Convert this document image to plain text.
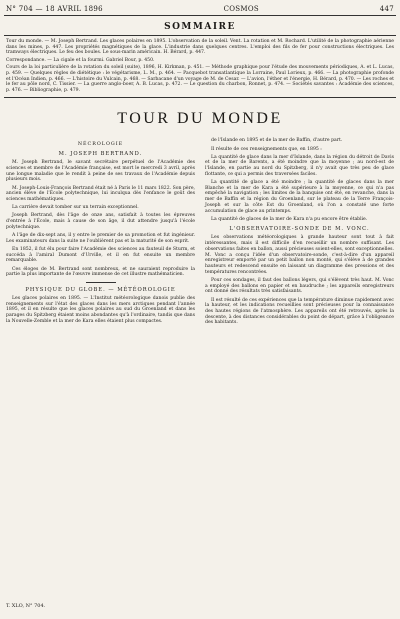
N° 704 — 18 AVRIL 1896	COSMOS	447
SOMMAIRE

Tour du monde. — M. Joseph Bertrand. Les glaces polaires en 1895. L'observation de la soleil. Vent. La rotation et M. Rochard. L'utilité de la photographie aérienne dans les mines, p. 447. Les propriétés magnétiques de la glace. L'industrie dans quelques centres. L'emploi des fils de fer pour constructions électriques. Les tramways électriques. Le feu des boules. Le sous-marin américain. H. Bérard, p. 447.

Correspondance. — La cigale et la fourmi. Gabriel Bour, p. 450.

Cours de la loi particulière de la rotation du soleil (suite), 1896, H. Kirkman, p. 451. — Méthode graphique pour l'étude des mouvements périodiques, A. et L. Lucas, p. 459. — Quelques règles de diététique : le végétarisme, L. M., p. 464. — Pacquebot transatlantique la Lorraine, Paul Lorieux, p. 466. — La photographie profonde et l'Océan Indien, p. 466. — L'histoire du Vulcain, p. 468. — Sarbacane d'un voyage de M. de Cesar. — L'avion, l'éther et l'énergie, H. Bérard, p. 470. — Les roches et le fer au pôle nord, C. Tissier. — La guerre anglo-boer, A. B. Lucas, p. 472. — Le question du charbon, Ronnet, p. 474. — Sociétés savantes : Académie des sciences, p. 476. — Bibliographie, p. 479.

TOUR DU MONDE
NÉCROLOGIE
M. JOSEPH BERTRAND.

M. Joseph Bertrand, le savant secrétaire perpétuel de l'Académie des sciences et membre de l'Académie française, est mort le mercredi 3 avril, après une longue maladie que le rendit à peine de ses travaux de l'Académie depuis plusieurs mois.

M. Joseph-Louis-François Bertrand était né à Paris le 11 mars 1822. Son père, ancien élève de l'École polytechnique, lui inculqua dès l'enfance le goût des sciences mathématiques.

La carrière devait tomber sur un terrain exceptionnel.

Joseph Bertrand, dès l'âge de onze ans, satisfait à toutes les épreuves d'entrée à l'École, mais à cause de son âge, il dut attendre jusqu'à l'école polytechnique.

A l'âge de dix-sept ans, il y entre le premier de sa promotion et fut ingénieur. Les examinateurs dans la suite ne l'oublièrent pas et la maturité de son esprit.

En 1852, il fut élu pour faire l'Académie des sciences au fauteuil de Sturm, et succéda à l'amiral Dumont d'Urville, et il en fut ensuite un membre remarquable.

Ces éloges de M. Bertrand sont nombreux, et ne sauraient reproduire la partie la plus importante de l'œuvre immense de cet illustre mathématicien.

PHYSIQUE DU GLOBE. — MÉTÉOROLOGIE

Les glaces polaires en 1895. — L'Institut météorologique danois publie des renseignements sur l'état des glaces dans les mers arctiques pendant l'année 1895, et il en résulte que les glaces polaires au sud du Groenland et dans les parages du Spitzberg étaient moins abondantes qu'à l'ordinaire, tandis que dans la Nouvelle-Zemble et la mer de Kara elles étaient plus compactes.

de l'Islande en 1895 et de la mer de Baffin, d'autre part.

Il résulte de ces renseignements que, en 1895 :

La quantité de glace dans la mer d'Islande, dans la région du détroit de Davis et de la mer de Barents, a été moindre que la moyenne ; au nord-est de l'Islande, en partie au nord du Spitzberg, il n'y avait que très peu de glace flottante, ce qui a permis des traversées faciles.

La quantité de glace a été moindre ; la quantité de glaces dans la mer Blanche et la mer de Kara a été supérieure à la moyenne, ce qui n'a pas empêché la navigation ; les limites de la banquise ont été, en revanche, dans la mer de Baffin et la région du Groenland, sur le plateau de la Terre François-Joseph et sur la côte Est du Groenland, où l'on a constaté une forte accumulation de glace au printemps.

La quantité de glaces de la mer de Kara n'a pu encore être établie.

L'OBSERVATOIRE-SONDE DE M. VONC.

Les observations météorologiques à grande hauteur sont tout à fait intéressantes, mais il est difficile d'en recueillir un nombre suffisant. Les observations faites en ballon, aussi précieuses soient-elles, sont exceptionnelles. M. Vonc a conçu l'idée d'un observatoire-sonde, c'est-à-dire d'un appareil enregistreur emporté par un petit ballon non monté, qui s'élève à de grandes hauteurs et redescend ensuite en laissant un diagramme des pressions et des températures rencontrées.

Pour ces sondages, il faut des ballons légers, qui s'élèvent très haut. M. Vonc a employé des ballons en papier et en baudruche ; les appareils enregistreurs ont donné des résultats très satisfaisants.

Il est résulté de ces expériences que la température diminue rapidement avec la hauteur, et les indications recueillies sont précieuses pour la connaissance des hautes régions de l'atmosphère. Les appareils ont été retrouvés, après la descente, à des distances considérables du point de départ, grâce à l'obligeance des habitants.

T. XLO, N° 704.
